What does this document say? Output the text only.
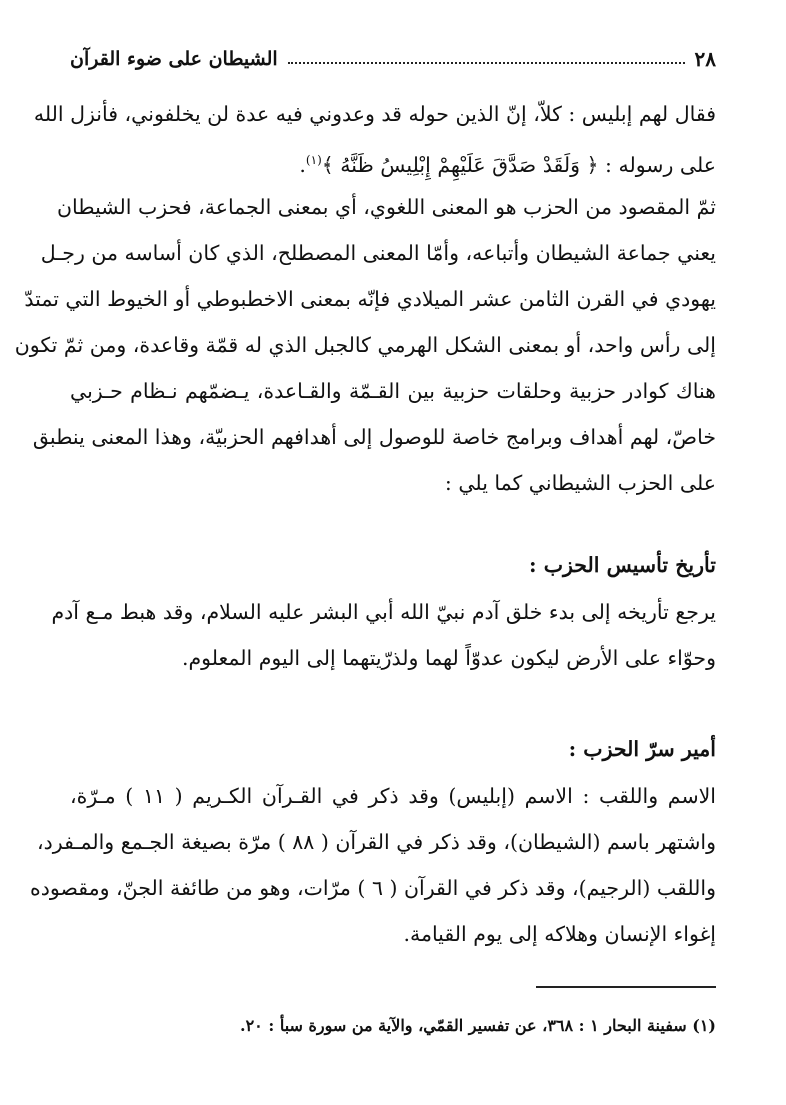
٢٨
الشيطان على ضوء القرآن
فقال لهم إبليس : كلاّ، إنّ الذين حوله قد وعدوني فيه عدة لن يخلفوني، فأنزل الله
على رسوله : ﴿ وَلَقَدْ صَدَّقَ عَلَيْهِمْ إِبْلِيسُ ظَنَّهُ ﴾$^{(١)}$.
ثمّ المقصود من الحزب هو المعنى اللغوي، أي بمعنى الجماعة، فحزب الشيطان
يعني جماعة الشيطان وأتباعه، وأمّا المعنى المصطلح، الذي كان أساسه من رجـل
يهودي في القرن الثامن عشر الميلادي فإنّه بمعنى الاخطبوطي أو الخيوط التي تمتدّ
إلى رأس واحد، أو بمعنى الشكل الهرمي كالجبل الذي له قمّة وقاعدة، ومن ثمّ تكون
هناك كوادر حزبية وحلقات حزبية بين القـمّة والقـاعدة، يـضمّهم نـظام حـزبي
خاصّ، لهم أهداف وبرامج خاصة للوصول إلى أهدافهم الحزبيّة، وهذا المعنى ينطبق
على الحزب الشيطاني كما يلي :
تأريخ تأسيس الحزب :
يرجع تأريخه إلى بدء خلق آدم نبيّ الله أبي البشر عليه السلام، وقد هبط مـع آدم
وحوّاء على الأرض ليكون عدوّاً لهما ولذرّيتهما إلى اليوم المعلوم.
أمير سرّ الحزب :
الاسم واللقب : الاسم (إبليس) وقد ذكر في القـرآن الكـريم ( ١١ ) مـرّة،
واشتهر باسم (الشيطان)، وقد ذكر في القرآن ( ٨٨ ) مرّة بصيغة الجـمع والمـفرد،
واللقب (الرجيم)، وقد ذكر في القرآن ( ٦ ) مرّات، وهو من طائفة الجنّ، ومقصوده
إغواء الإنسان وهلاكه إلى يوم القيامة.
(١) سفينة البحار ١ : ٣٦٨، عن تفسير القمّي، والآية من سورة سبأ : ٢٠.
